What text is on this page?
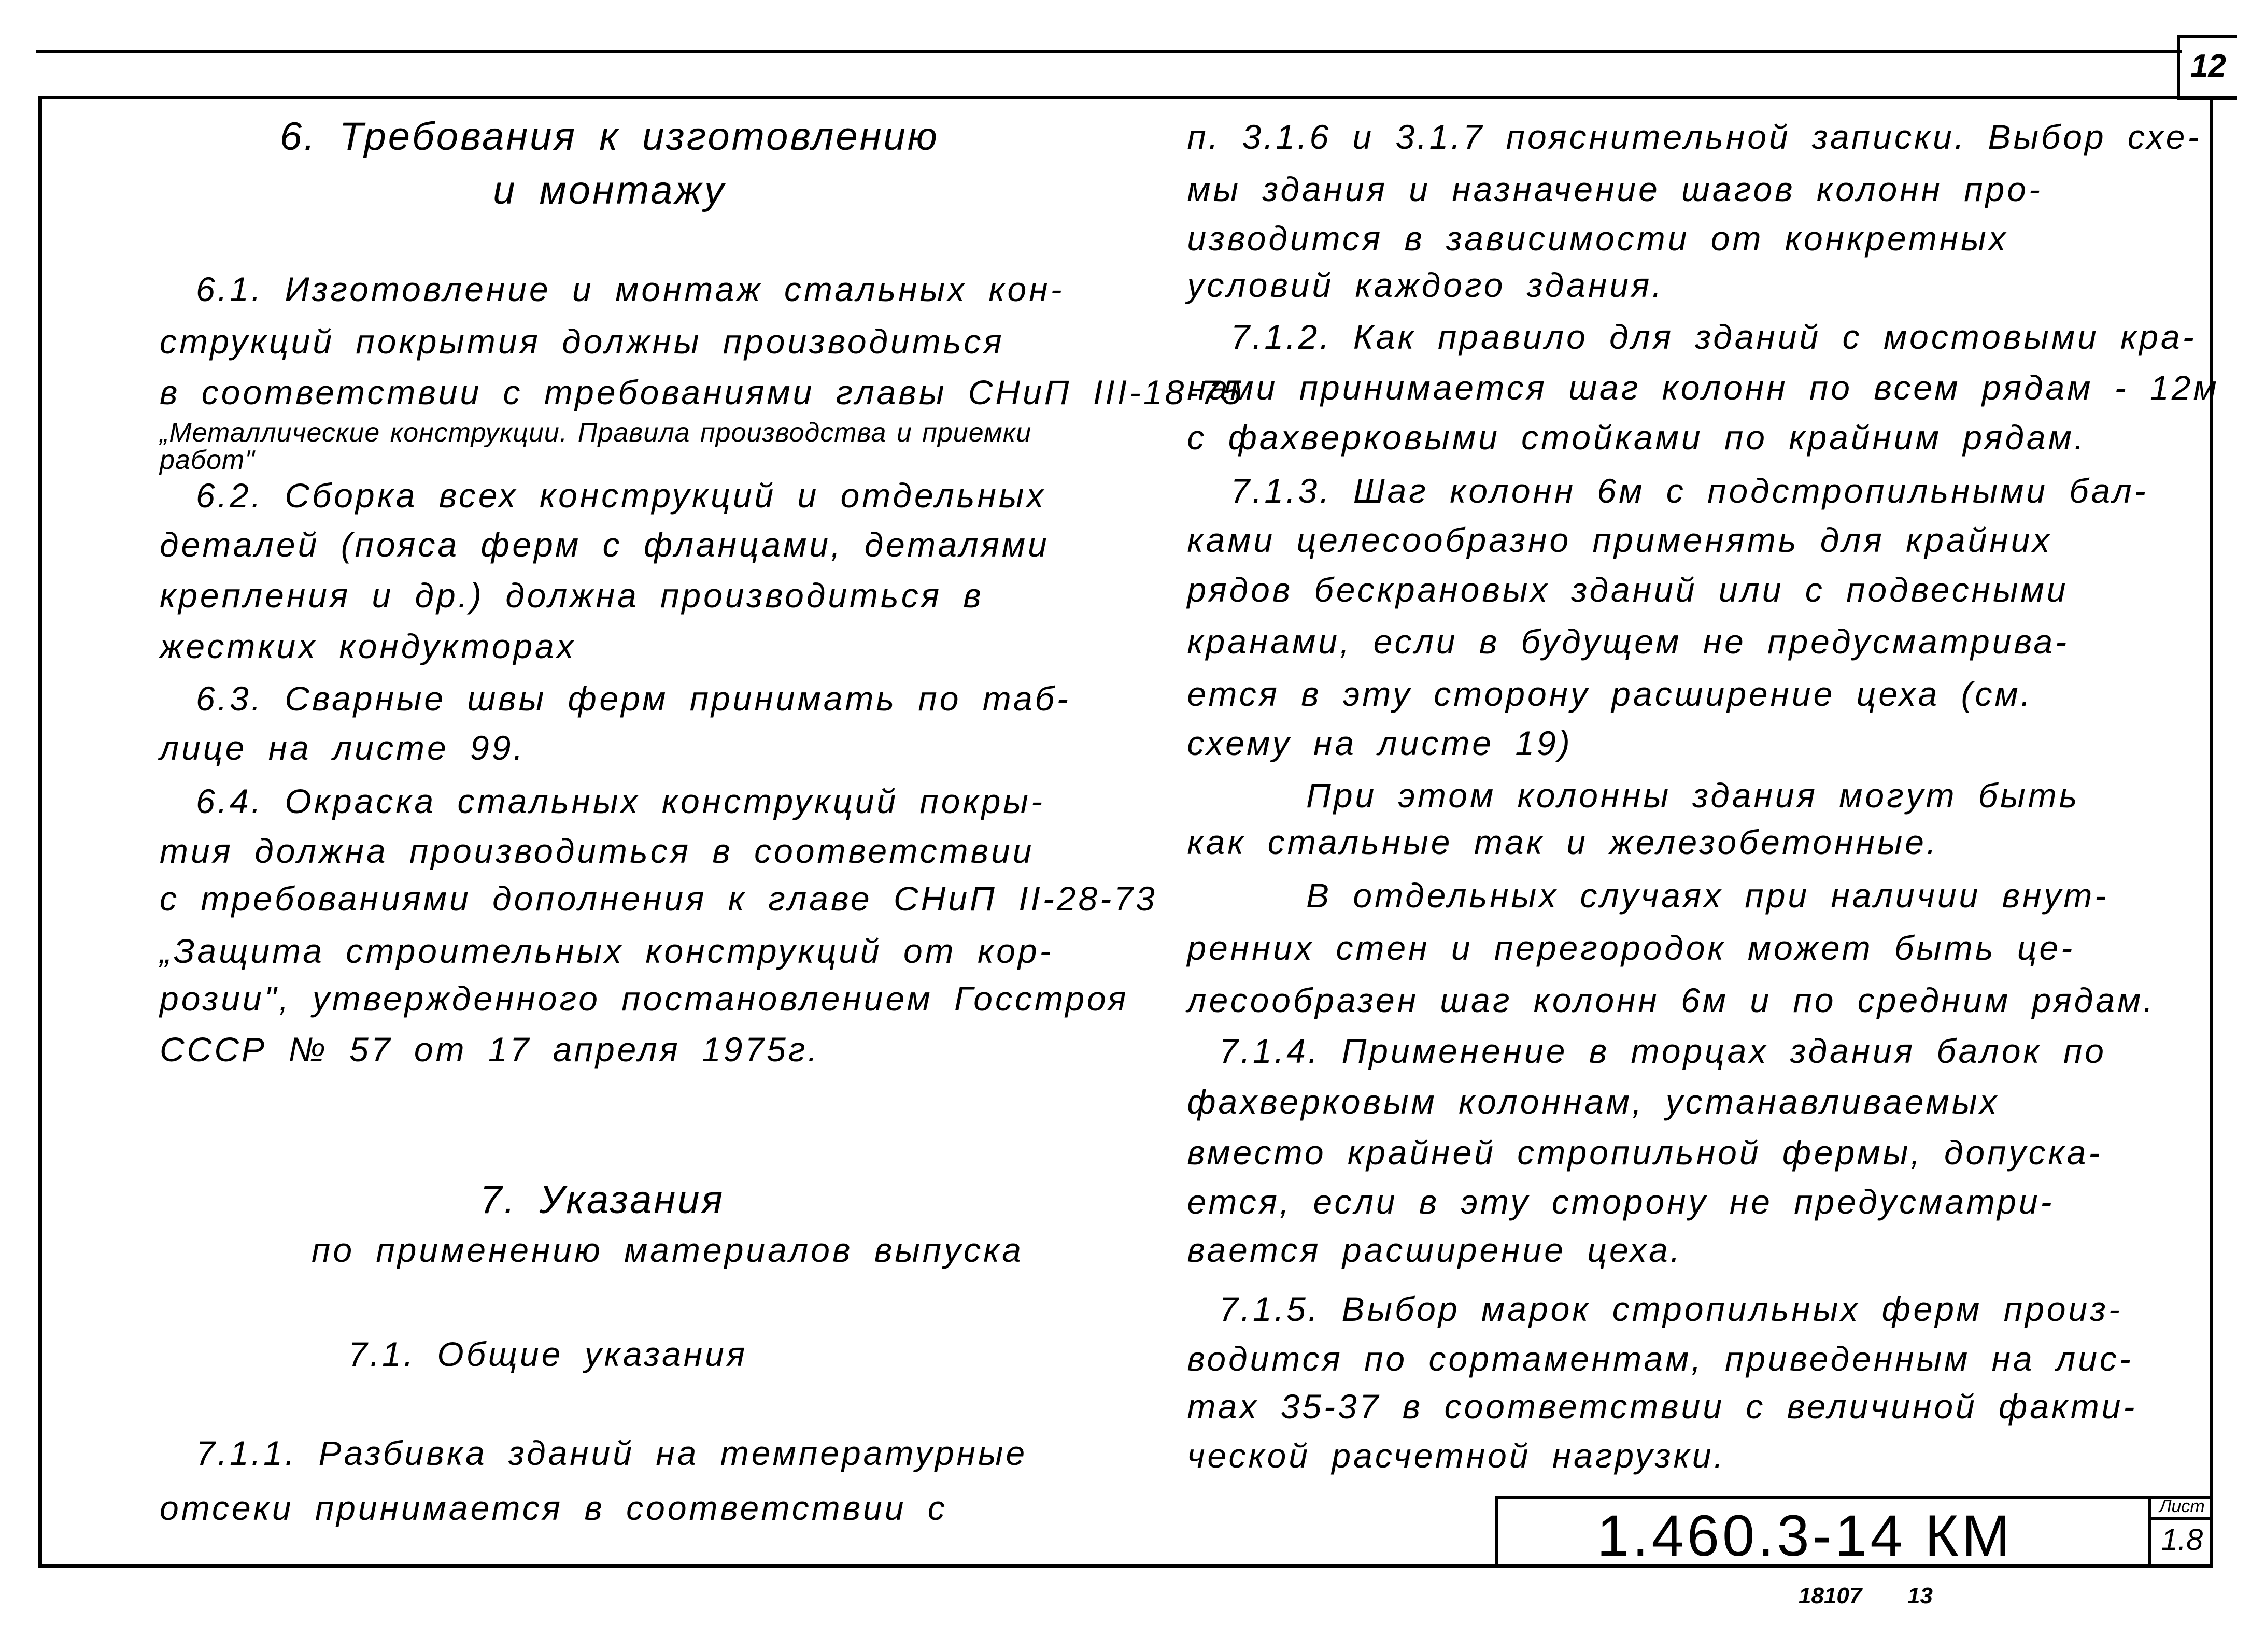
12
6. Требования к изготовлению
и монтажу
6.1. Изготовление и монтаж стальных кон-
струкций покрытия должны производиться
в соответствии с требованиями главы СНиП III-18-75
„Металлические конструкции. Правила производства и приемки
работ"
6.2. Сборка всех конструкций и отдельных
деталей (пояса ферм с фланцами, деталями
крепления и др.) должна производиться в
жестких кондукторах
6.3. Сварные швы ферм принимать по таб-
лице на листе 99.
6.4. Окраска стальных конструкций покры-
тия должна производиться в соответствии
с требованиями дополнения к главе СНиП II-28-73
„Защита строительных конструкций от кор-
розии", утвержденного постановлением Госстроя
СССР № 57 от 17 апреля 1975г.
7. Указания
по применению материалов выпуска
7.1. Общие указания
7.1.1. Разбивка зданий на температурные
отсеки принимается в соответствии с
п. 3.1.6 и 3.1.7 пояснительной записки. Выбор схе-
мы здания и назначение шагов колонн про-
изводится в зависимости от конкретных
условий каждого здания.
7.1.2. Как правило для зданий с мостовыми кра-
нами принимается шаг колонн по всем рядам - 12м
с фахверковыми стойками по крайним рядам.
7.1.3. Шаг колонн 6м с подстропильными бал-
ками целесообразно применять для крайних
рядов бескрановых зданий или с подвесными
кранами, если в будущем не предусматрива-
ется в эту сторону расширение цеха (см.
схему на листе 19)
При этом колонны здания могут быть
как стальные так и железобетонные.
В отдельных случаях при наличии внут-
ренних стен и перегородок может быть це-
лесообразен шаг колонн 6м и по средним рядам.
7.1.4. Применение в торцах здания балок по
фахверковым колоннам, устанавливаемых
вместо крайней стропильной фермы, допуска-
ется, если в эту сторону не предусматри-
вается расширение цеха.
7.1.5. Выбор марок стропильных ферм произ-
водится по сортаментам, приведенным на лис-
тах 35-37 в соответствии с величиной факти-
ческой расчетной нагрузки.
1.460.3-14 КМ	Лист
1.8
18107 13
